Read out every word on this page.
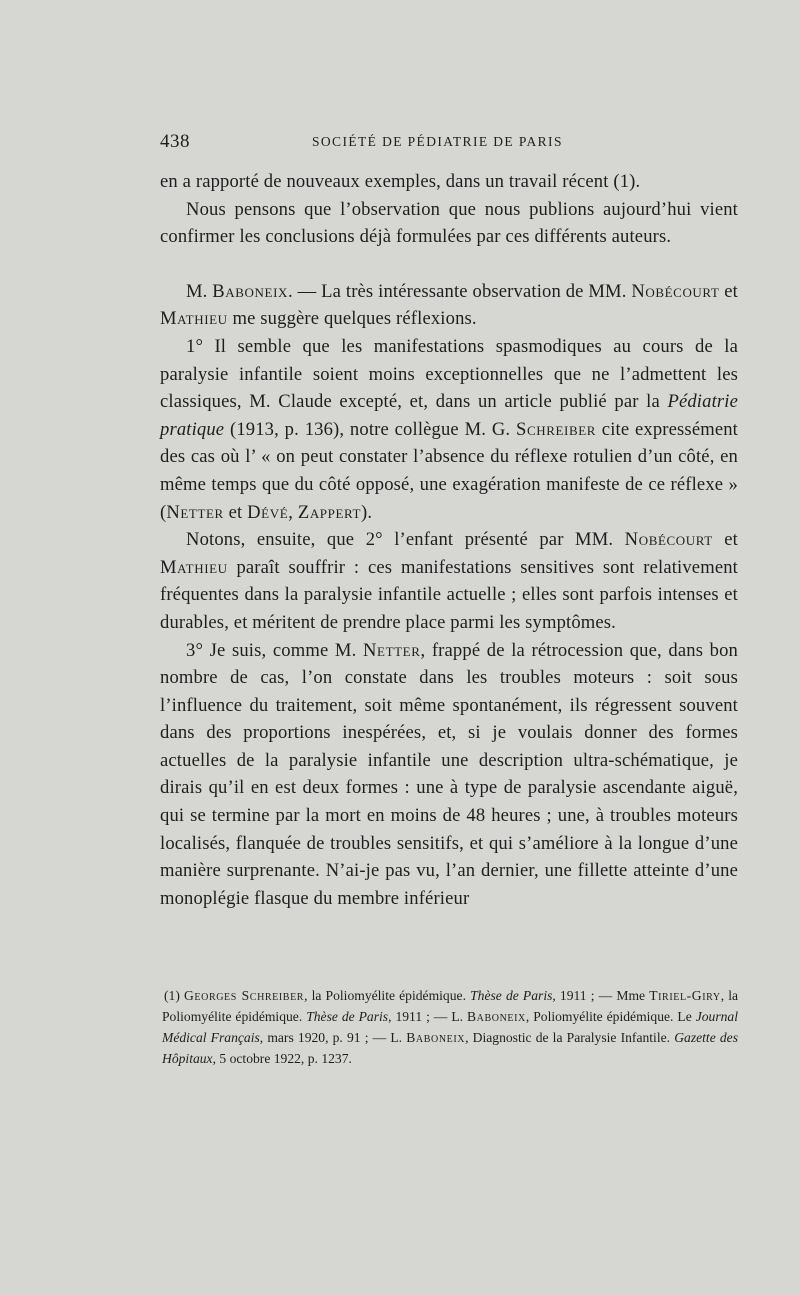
438	SOCIÉTÉ DE PÉDIATRIE DE PARIS

en a rapporté de nouveaux exemples, dans un travail récent (1).

Nous pensons que l’observation que nous publions aujourd’hui vient confirmer les conclusions déjà formulées par ces différents auteurs.

M. Baboneix. — La très intéressante observation de MM. Nobécourt et Mathieu me suggère quelques réflexions.

1° Il semble que les manifestations spasmodiques au cours de la paralysie infantile soient moins exceptionnelles que ne l’admettent les classiques, M. Claude excepté, et, dans un article publié par la Pédiatrie pratique (1913, p. 136), notre collègue M. G. Schreiber cite expressément des cas où l’ « on peut constater l’absence du réflexe rotulien d’un côté, en même temps que du côté opposé, une exagération manifeste de ce réflexe » (Netter et Dévé, Zappert).

Notons, ensuite, que 2° l’enfant présenté par MM. Nobécourt et Mathieu paraît souffrir : ces manifestations sensitives sont relativement fréquentes dans la paralysie infantile actuelle ; elles sont parfois intenses et durables, et méritent de prendre place parmi les symptômes.

3° Je suis, comme M. Netter, frappé de la rétrocession que, dans bon nombre de cas, l’on constate dans les troubles moteurs : soit sous l’influence du traitement, soit même spontanément, ils régressent souvent dans des proportions inespérées, et, si je voulais donner des formes actuelles de la paralysie infantile une description ultra-schématique, je dirais qu’il en est deux formes : une à type de paralysie ascendante aiguë, qui se termine par la mort en moins de 48 heures ; une, à troubles moteurs localisés, flanquée de troubles sensitifs, et qui s’améliore à la longue d’une manière surprenante. N’ai-je pas vu, l’an dernier, une fillette atteinte d’une monoplégie flasque du membre inférieur

(1) Georges Schreiber, la Poliomyélite épidémique. Thèse de Paris, 1911 ; — Mme Tiriel-Giry, la Poliomyélite épidémique. Thèse de Paris, 1911 ; — L. Baboneix, Poliomyélite épidémique. Le Journal Médical Français, mars 1920, p. 91 ; — L. Baboneix, Diagnostic de la Paralysie Infantile. Gazette des Hôpitaux, 5 octobre 1922, p. 1237.
